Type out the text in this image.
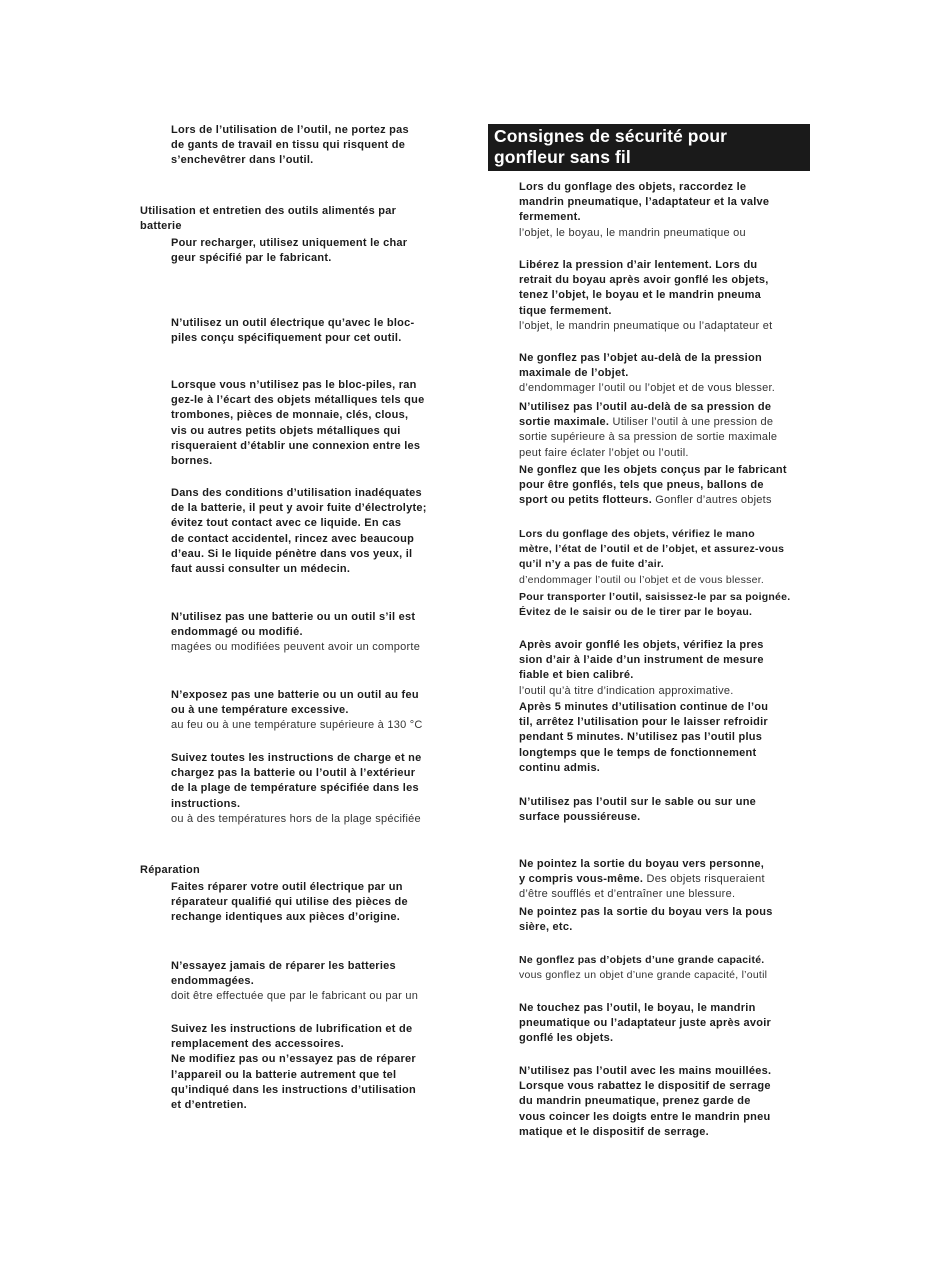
Lors de l’utilisation de l’outil, ne portez pas
de gants de travail en tissu qui risquent de
s’enchevêtrer dans l’outil.
Utilisation et entretien des outils alimentés par
batterie
Pour recharger, utilisez uniquement le char
geur spécifié par le fabricant.
N’utilisez un outil électrique qu’avec le bloc-
piles conçu spécifiquement pour cet outil.
Lorsque vous n’utilisez pas le bloc-piles, ran
gez-le à l’écart des objets métalliques tels que
trombones, pièces de monnaie, clés, clous,
vis ou autres petits objets métalliques qui
risqueraient d’établir une connexion entre les
bornes.
Dans des conditions d’utilisation inadéquates
de la batterie, il peut y avoir fuite d’électrolyte;
évitez tout contact avec ce liquide. En cas
de contact accidentel, rincez avec beaucoup
d’eau. Si le liquide pénètre dans vos yeux, il
faut aussi consulter un médecin.
N’utilisez pas une batterie ou un outil s’il est
endommagé ou modifié.
magées ou modifiées peuvent avoir un comporte
N’exposez pas une batterie ou un outil au feu
ou à une température excessive.
au feu ou à une température supérieure à 130 °C
Suivez toutes les instructions de charge et ne
chargez pas la batterie ou l’outil à l’extérieur
de la plage de température spécifiée dans les
instructions.
ou à des températures hors de la plage spécifiée
Réparation
Faites réparer votre outil électrique par un
réparateur qualifié qui utilise des pièces de
rechange identiques aux pièces d’origine.
N’essayez jamais de réparer les batteries
endommagées.
doit être effectuée que par le fabricant ou par un
Suivez les instructions de lubrification et de
remplacement des accessoires.
Ne modifiez pas ou n’essayez pas de réparer
l’appareil ou la batterie autrement que tel
qu’indiqué dans les instructions d’utilisation
et d’entretien.
Consignes de sécurité pour
gonfleur sans fil
Lors du gonflage des objets, raccordez le
mandrin pneumatique, l’adaptateur et la valve
fermement.
l’objet, le boyau, le mandrin pneumatique ou
Libérez la pression d’air lentement. Lors du
retrait du boyau après avoir gonflé les objets,
tenez l’objet, le boyau et le mandrin pneuma
tique fermement.
l’objet, le mandrin pneumatique ou l’adaptateur et
Ne gonflez pas l’objet au-delà de la pression
maximale de l’objet.
d’endommager l’outil ou l’objet et de vous blesser.
N’utilisez pas l’outil au-delà de sa pression de
sortie maximale. Utiliser l’outil à une pression de
sortie supérieure à sa pression de sortie maximale
peut faire éclater l’objet ou l’outil.
Ne gonflez que les objets conçus par le fabricant
pour être gonflés, tels que pneus, ballons de
sport ou petits flotteurs. Gonfler d’autres objets
Lors du gonflage des objets, vérifiez le mano
mètre, l’état de l’outil et de l’objet, et assurez-vous
qu’il n’y a pas de fuite d’air.
d’endommager l’outil ou l’objet et de vous blesser.
Pour transporter l’outil, saisissez-le par sa poignée.
Évitez de le saisir ou de le tirer par le boyau.
Après avoir gonflé les objets, vérifiez la pres
sion d’air à l’aide d’un instrument de mesure
fiable et bien calibré.
l’outil qu’à titre d’indication approximative.
Après 5 minutes d’utilisation continue de l’ou
til, arrêtez l’utilisation pour le laisser refroidir
pendant 5 minutes. N’utilisez pas l’outil plus
longtemps que le temps de fonctionnement
continu admis.
N’utilisez pas l’outil sur le sable ou sur une
surface poussiéreuse.
Ne pointez la sortie du boyau vers personne,
y compris vous-même. Des objets risqueraient
d’être soufflés et d’entraîner une blessure.
Ne pointez pas la sortie du boyau vers la pous
sière, etc.
Ne gonflez pas d’objets d’une grande capacité.
vous gonflez un objet d’une grande capacité, l’outil
Ne touchez pas l’outil, le boyau, le mandrin
pneumatique ou l’adaptateur juste après avoir
gonflé les objets.
N’utilisez pas l’outil avec les mains mouillées.
Lorsque vous rabattez le dispositif de serrage
du mandrin pneumatique, prenez garde de
vous coincer les doigts entre le mandrin pneu
matique et le dispositif de serrage.
